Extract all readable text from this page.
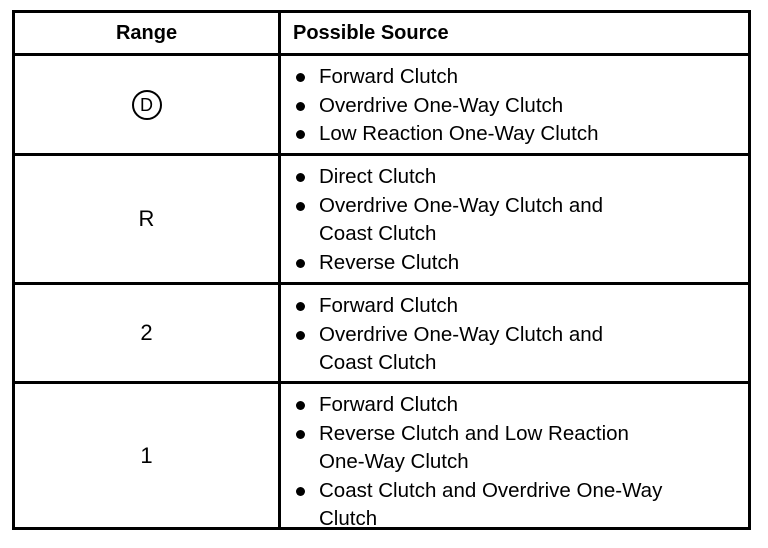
Range	Possible Source
D
Forward Clutch
Overdrive One-Way Clutch
Low Reaction One-Way Clutch
R
Direct Clutch
Overdrive One-Way Clutch and Coast Clutch
Reverse Clutch
2
Forward Clutch
Overdrive One-Way Clutch and Coast Clutch
1
Forward Clutch
Reverse Clutch and Low Reaction One-Way Clutch
Coast Clutch and Overdrive One-Way Clutch
